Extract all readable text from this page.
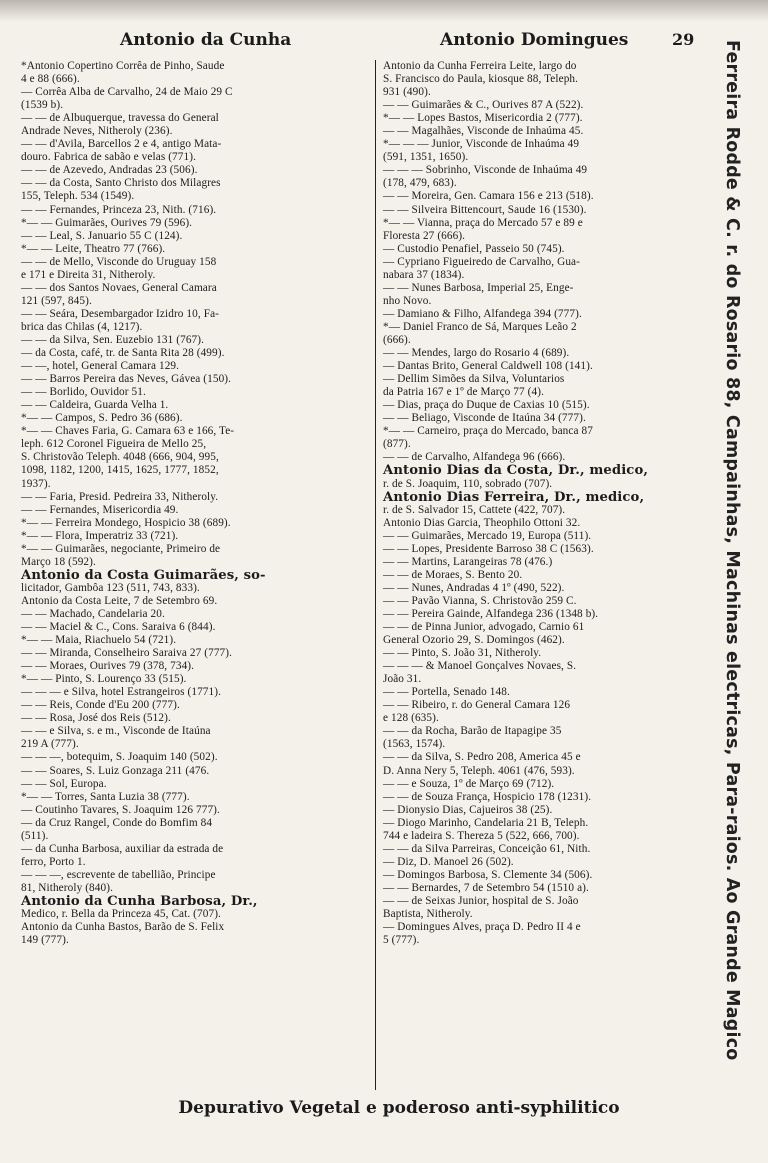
Antonio da Cunha	Antonio Domingues	29
*Antonio Copertino Corrêa de Pinho, Saude
4 e 88 (666).
— Corrêa Alba de Carvalho, 24 de Maio 29 C
(1539 b).
— — de Albuquerque, travessa do General
Andrade Neves, Nitheroly (236).
— — d'Avila, Barcellos 2 e 4, antigo Mata-
douro. Fabrica de sabão e velas (771).
— — de Azevedo, Andradas 23 (506).
— — da Costa, Santo Christo dos Milagres
155, Teleph. 534 (1549).
— — Fernandes, Princeza 23, Nith. (716).
*— — Guimarães, Ourives 79 (596).
— — Leal, S. Januario 55 C (124).
*— — Leite, Theatro 77 (766).
— — de Mello, Visconde do Uruguay 158
e 171 e Direita 31, Nitheroly.
— — dos Santos Novaes, General Camara
121 (597, 845).
— — Seára, Desembargador Izidro 10, Fa-
brica das Chilas (4, 1217).
— — da Silva, Sen. Euzebio 131 (767).
— da Costa, café, tr. de Santa Rita 28 (499).
— —, hotel, General Camara 129.
— — Barros Pereira das Neves, Gávea (150).
— — Borlido, Ouvidor 51.
— — Caldeira, Guarda Velha 1.
*— — Campos, S. Pedro 36 (686).
*— — Chaves Faria, G. Camara 63 e 166, Te-
leph. 612 Coronel Figueira de Mello 25,
S. Christovão Teleph. 4048 (666, 904, 995,
1098, 1182, 1200, 1415, 1625, 1777, 1852,
1937).
— — Faria, Presid. Pedreira 33, Nitheroly.
— — Fernandes, Misericordia 49.
*— — Ferreira Mondego, Hospicio 38 (689).
*— — Flora, Imperatriz 33 (721).
*— — Guimarães, negociante, Primeiro de
Março 18 (592).
Antonio da Costa Guimarães, so-
licitador, Gambôa 123 (511, 743, 833).
Antonio da Costa Leite, 7 de Setembro 69.
— — Machado, Candelaria 20.
— — Maciel & C., Cons. Saraiva 6 (844).
*— — Maia, Riachuelo 54 (721).
— — Miranda, Conselheiro Saraiva 27 (777).
— — Moraes, Ourives 79 (378, 734).
*— — Pinto, S. Lourenço 33 (515).
— — — e Silva, hotel Estrangeiros (1771).
— — Reis, Conde d'Eu 200 (777).
— — Rosa, José dos Reis (512).
— — e Silva, s. e m., Visconde de Itaúna
219 A (777).
— — —, botequim, S. Joaquim 140 (502).
— — Soares, S. Luiz Gonzaga 211 (476.
— — Sol, Europa.
*— — Torres, Santa Luzia 38 (777).
— Coutinho Tavares, S. Joaquim 126 777).
— da Cruz Rangel, Conde do Bomfim 84
(511).
— da Cunha Barbosa, auxiliar da estrada de
ferro, Porto 1.
— — —, escrevente de tabellião, Principe
81, Nitheroly (840).
Antonio da Cunha Barbosa, Dr.,
Medico, r. Bella da Princeza 45, Cat. (707).
Antonio da Cunha Bastos, Barão de S. Felix
149 (777).
Antonio da Cunha Ferreira Leite, largo do
S. Francisco do Paula, kiosque 88, Teleph.
931 (490).
— — Guimarães & C., Ourives 87 A (522).
*— — Lopes Bastos, Misericordia 2 (777).
— — Magalhães, Visconde de Inhaúma 45.
*— — — Junior, Visconde de Inhaúma 49
(591, 1351, 1650).
— — — Sobrinho, Visconde de Inhaúma 49
(178, 479, 683).
— — Moreira, Gen. Camara 156 e 213 (518).
— — Silveira Bittencourt, Saude 16 (1530).
*— — Vianna, praça do Mercado 57 e 89 e
Floresta 27 (666).
— Custodio Penafiel, Passeio 50 (745).
— Cypriano Figueiredo de Carvalho, Gua-
nabara 37 (1834).
— — Nunes Barbosa, Imperial 25, Enge-
nho Novo.
— Damiano & Filho, Alfandega 394 (777).
*— Daniel Franco de Sá, Marques Leão 2
(666).
— — Mendes, largo do Rosario 4 (689).
— Dantas Brito, General Caldwell 108 (141).
— Dellim Simões da Silva, Voluntarios
da Patria 167 e 1º de Março 77 (4).
— Dias, praça do Duque de Caxias 10 (515).
— — Beliago, Visconde de Itaúna 34 (777).
*— — Carneiro, praça do Mercado, banca 87
(877).
— — de Carvalho, Alfandega 96 (666).
Antonio Dias da Costa, Dr., medico,
r. de S. Joaquim, 110, sobrado (707).
Antonio Dias Ferreira, Dr., medico,
r. de S. Salvador 15, Cattete (422, 707).
Antonio Dias Garcia, Theophilo Ottoni 32.
— — Guimarães, Mercado 19, Europa (511).
— — Lopes, Presidente Barroso 38 C (1563).
— — Martins, Larangeiras 78 (476.)
— — de Moraes, S. Bento 20.
— — Nunes, Andradas 4 1º (490, 522).
— — Pavão Vianna, S. Christovão 259 C.
— — Pereira Gainde, Alfandega 236 (1348 b).
— — de Pinna Junior, advogado, Carnio 61
General Ozorio 29, S. Domingos (462).
— — Pinto, S. João 31, Nitheroly.
— — — & Manoel Gonçalves Novaes, S.
João 31.
— — Portella, Senado 148.
— — Ribeiro, r. do General Camara 126
e 128 (635).
— — da Rocha, Barão de Itapagipe 35
(1563, 1574).
— — da Silva, S. Pedro 208, America 45 e
D. Anna Nery 5, Teleph. 4061 (476, 593).
— — e Souza, 1º de Março 69 (712).
— — de Souza França, Hospicio 178 (1231).
— Dionysio Dias, Cajueiros 38 (25).
— Diogo Marinho, Candelaria 21 B, Teleph.
744 e ladeira S. Thereza 5 (522, 666, 700).
— — da Silva Parreiras, Conceição 61, Nith.
— Diz, D. Manoel 26 (502).
— Domingos Barbosa, S. Clemente 34 (506).
— — Bernardes, 7 de Setembro 54 (1510 a).
— — de Seixas Junior, hospital de S. João
Baptista, Nitheroly.
— Domingues Alves, praça D. Pedro II 4 e
5 (777).	Ferreira Rodde & C. r. do Rosario 88, Campainhas, Machinas electricas, Para-raios. Ao Grande Magico
Depurativo Vegetal e poderoso anti-syphilitico
